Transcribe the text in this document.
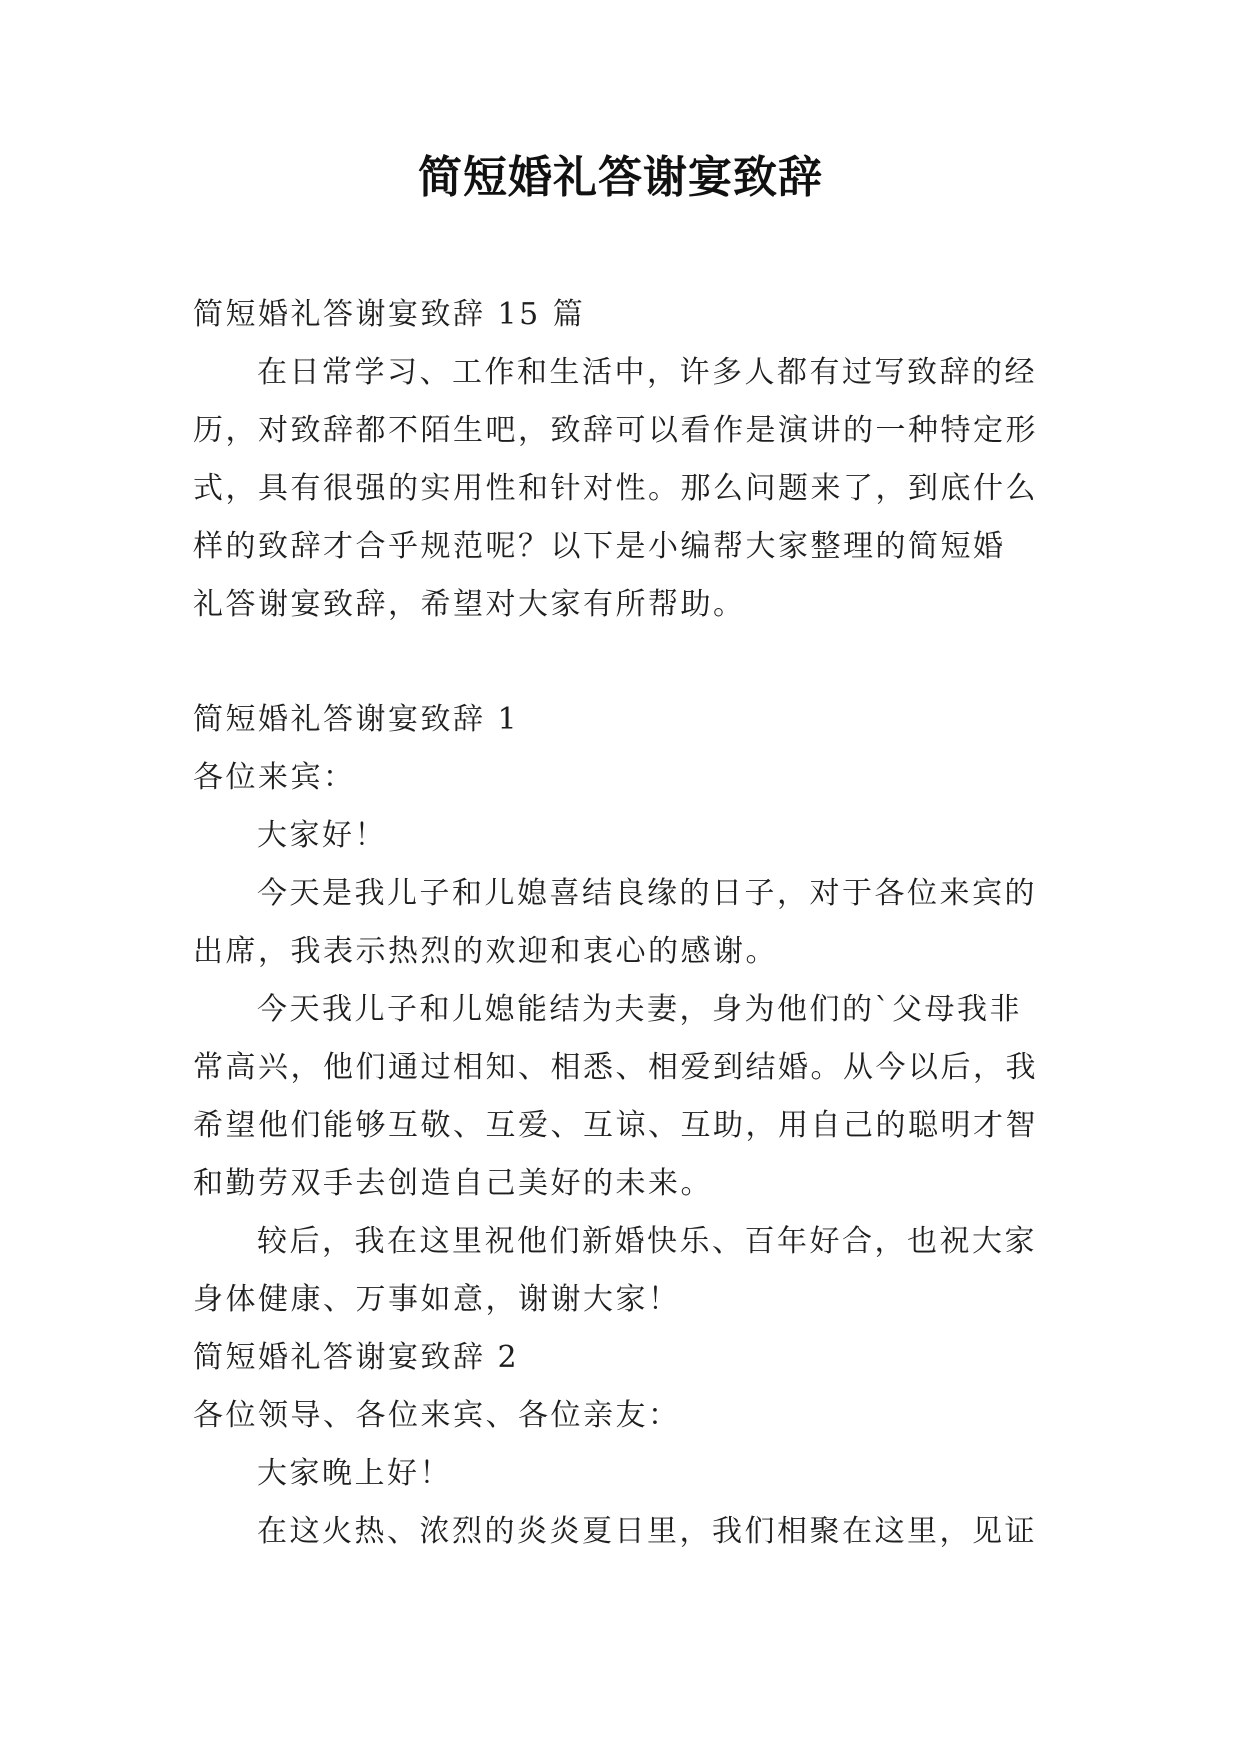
简短婚礼答谢宴致辞

简短婚礼答谢宴致辞 15 篇

在日常学习、工作和生活中，许多人都有过写致辞的经

历，对致辞都不陌生吧，致辞可以看作是演讲的一种特定形

式，具有很强的实用性和针对性。那么问题来了，到底什么

样的致辞才合乎规范呢？以下是小编帮大家整理的简短婚

礼答谢宴致辞，希望对大家有所帮助。

简短婚礼答谢宴致辞 1

各位来宾：

大家好！

今天是我儿子和儿媳喜结良缘的日子，对于各位来宾的

出席，我表示热烈的欢迎和衷心的感谢。

今天我儿子和儿媳能结为夫妻，身为他们的`父母我非

常高兴，他们通过相知、相悉、相爱到结婚。从今以后，我

希望他们能够互敬、互爱、互谅、互助，用自己的聪明才智

和勤劳双手去创造自己美好的未来。

较后，我在这里祝他们新婚快乐、百年好合，也祝大家

身体健康、万事如意，谢谢大家！

简短婚礼答谢宴致辞 2

各位领导、各位来宾、各位亲友：

大家晚上好！

在这火热、浓烈的炎炎夏日里，我们相聚在这里，见证
